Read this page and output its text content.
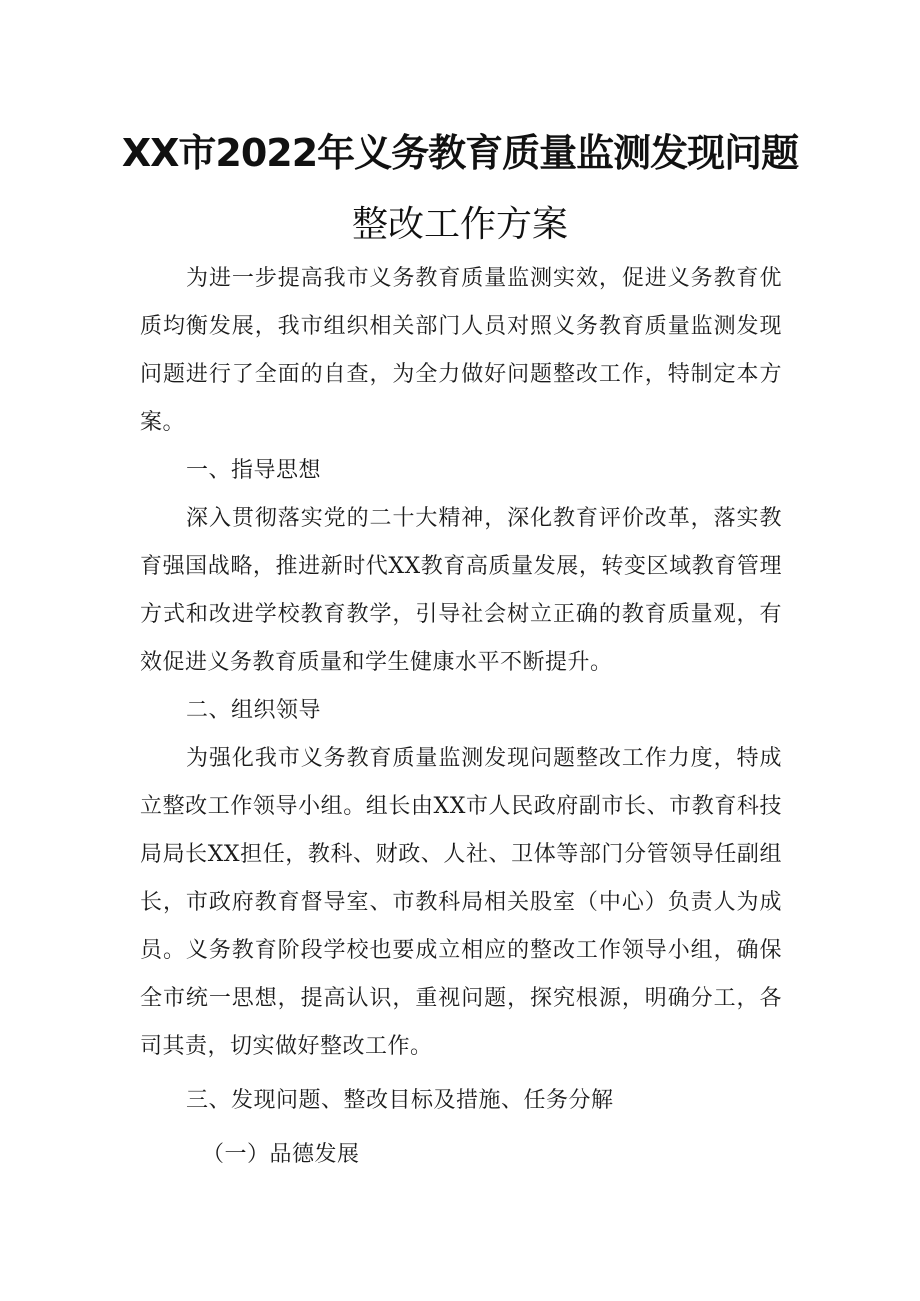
XX市2022年义务教育质量监测发现问题
整改工作方案

为进一步提高我市义务教育质量监测实效，促进义务教育优质均衡发展，我市组织相关部门人员对照义务教育质量监测发现问题进行了全面的自查，为全力做好问题整改工作，特制定本方案。

一、指导思想

深入贯彻落实党的二十大精神，深化教育评价改革，落实教育强国战略，推进新时代XX教育高质量发展，转变区域教育管理方式和改进学校教育教学，引导社会树立正确的教育质量观，有效促进义务教育质量和学生健康水平不断提升。

二、组织领导

为强化我市义务教育质量监测发现问题整改工作力度，特成立整改工作领导小组。组长由XX市人民政府副市长、市教育科技局局长XX担任，教科、财政、人社、卫体等部门分管领导任副组长，市政府教育督导室、市教科局相关股室（中心）负责人为成员。义务教育阶段学校也要成立相应的整改工作领导小组，确保全市统一思想，提高认识，重视问题，探究根源，明确分工，各司其责，切实做好整改工作。

三、发现问题、整改目标及措施、任务分解

（一）品德发展
